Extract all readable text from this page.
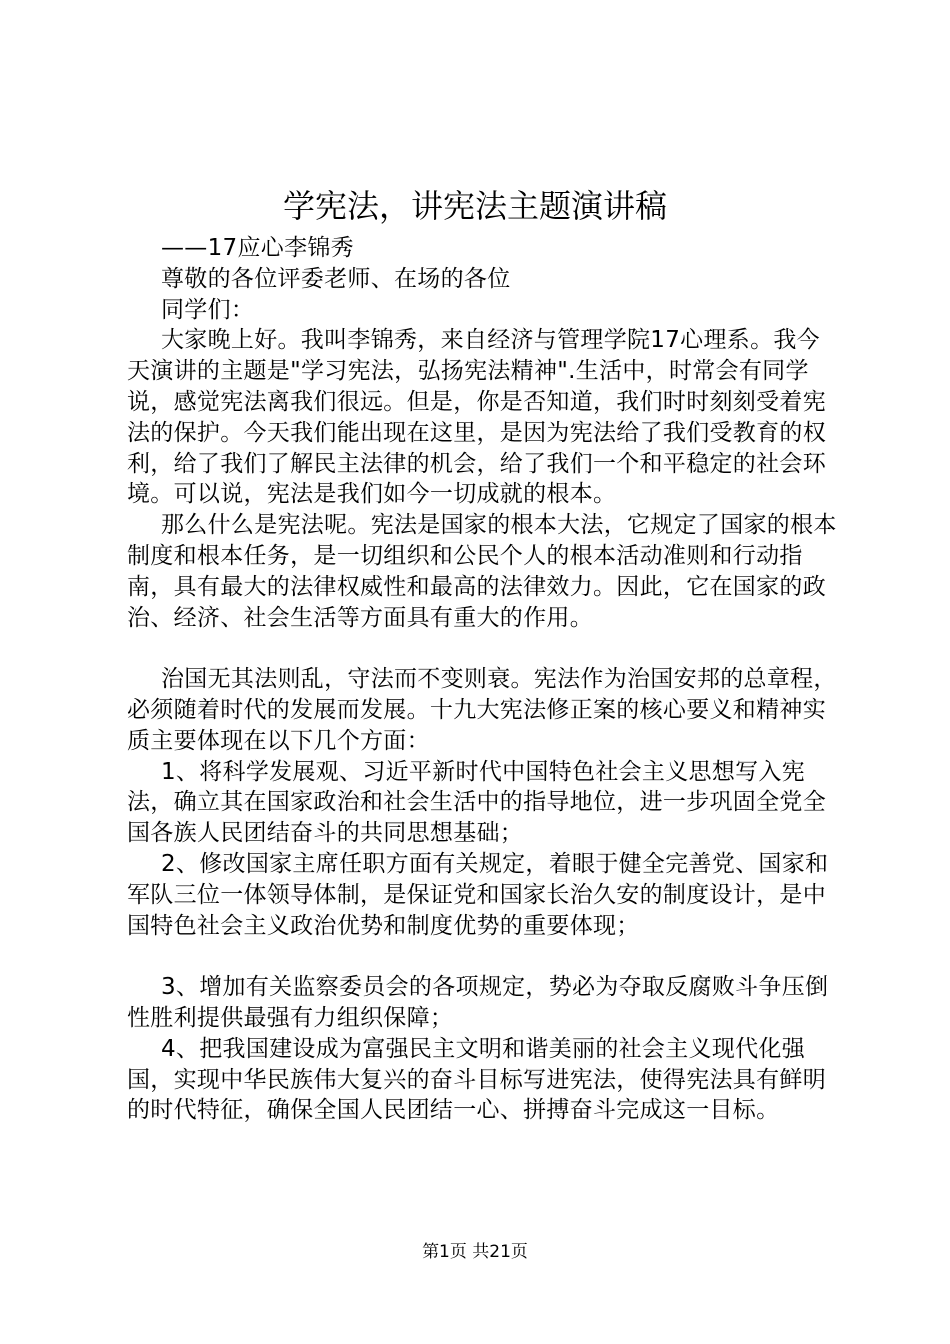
学宪法，讲宪法主题演讲稿

——17应心李锦秀

尊敬的各位评委老师、在场的各位

同学们：

大家晚上好。我叫李锦秀，来自经济与管理学院17心理系。我今天演讲的主题是"学习宪法，弘扬宪法精神".生活中，时常会有同学说，感觉宪法离我们很远。但是，你是否知道，我们时时刻刻受着宪法的保护。今天我们能出现在这里，是因为宪法给了我们受教育的权利，给了我们了解民主法律的机会，给了我们一个和平稳定的社会环境。可以说，宪法是我们如今一切成就的根本。

那么什么是宪法呢。宪法是国家的根本大法，它规定了国家的根本制度和根本任务，是一切组织和公民个人的根本活动准则和行动指南，具有最大的法律权威性和最高的法律效力。因此，它在国家的政治、经济、社会生活等方面具有重大的作用。

治国无其法则乱，守法而不变则衰。宪法作为治国安邦的总章程，必须随着时代的发展而发展。十九大宪法修正案的核心要义和精神实质主要体现在以下几个方面：

1、将科学发展观、习近平新时代中国特色社会主义思想写入宪法，确立其在国家政治和社会生活中的指导地位，进一步巩固全党全国各族人民团结奋斗的共同思想基础；

2、修改国家主席任职方面有关规定，着眼于健全完善党、国家和军队三位一体领导体制，是保证党和国家长治久安的制度设计，是中国特色社会主义政治优势和制度优势的重要体现；

3、增加有关监察委员会的各项规定，势必为夺取反腐败斗争压倒性胜利提供最强有力组织保障；

4、把我国建设成为富强民主文明和谐美丽的社会主义现代化强国，实现中华民族伟大复兴的奋斗目标写进宪法，使得宪法具有鲜明的时代特征，确保全国人民团结一心、拼搏奋斗完成这一目标。

第1页 共21页
